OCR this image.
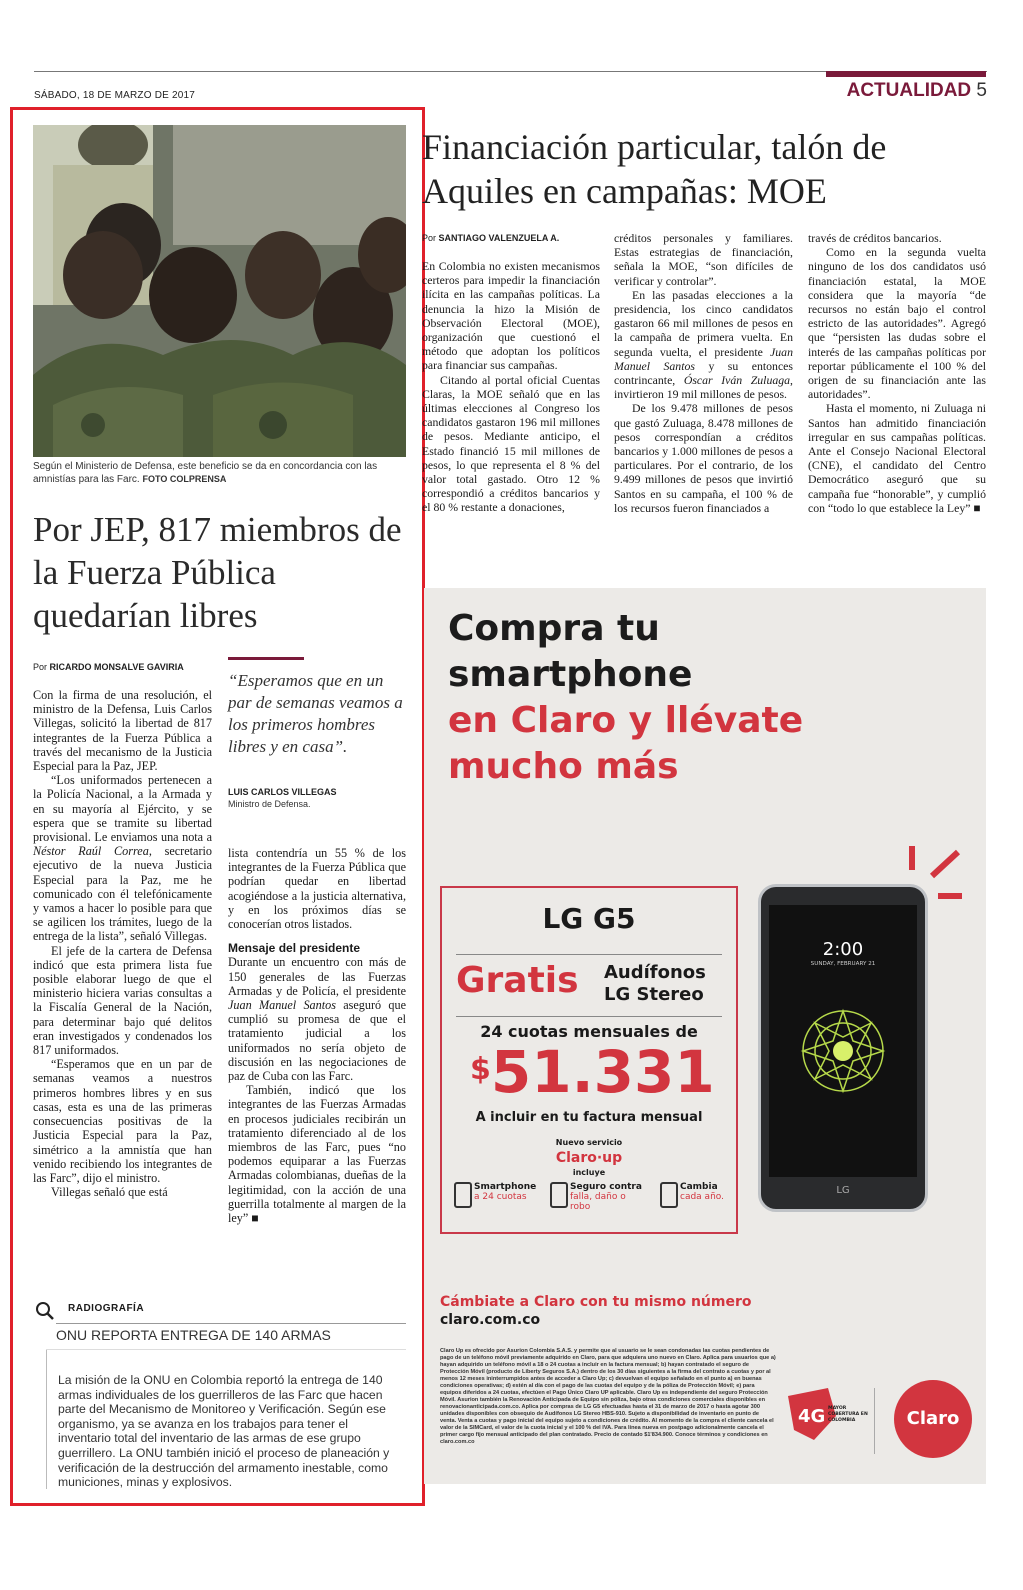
SÁBADO, 18 DE MARZO DE 2017	ACTUALIDAD 5
Según el Ministerio de Defensa, este beneficio se da en concordancia con las amnistías para las Farc. FOTO COLPRENSA
Por JEP, 817 miembros de la Fuerza Pública quedarían libres
Por RICARDO MONSALVE GAVIRIA

Con la firma de una resolución, el ministro de la Defensa, Luis Carlos Villegas, solicitó la libertad de 817 integrantes de la Fuerza Pública a través del mecanismo de la Justicia Especial para la Paz, JEP.

“Los uniformados pertenecen a la Policía Nacional, a la Armada y en su mayoría al Ejército, y se espera que se tramite su libertad provisional. Le enviamos una nota a Néstor Raúl Correa, secretario ejecutivo de la nueva Justicia Especial para la Paz, me he comunicado con él telefónicamente y vamos a hacer lo posible para que se agilicen los trámites, luego de la entrega de la lista”, señaló Villegas.

El jefe de la cartera de Defensa indicó que esta primera lista fue posible elaborar luego de que el ministerio hiciera varias consultas a la Fiscalía General de la Nación, para determinar bajo qué delitos eran investigados y condenados los 817 uniformados.

“Esperamos que en un par de semanas veamos a nuestros primeros hombres libres y en sus casas, esta es una de las primeras consecuencias positivas de la Justicia Especial para la Paz, simétrico a la amnistía que han venido recibiendo los integrantes de las Farc”, dijo el ministro.

Villegas señaló que está

“Esperamos que en un par de semanas veamos a los primeros hombres libres y en casa”.
LUIS CARLOS VILLEGAS
Ministro de Defensa.

lista contendría un 55 % de los integrantes de la Fuerza Pública que podrían quedar en libertad acogiéndose a la justicia alternativa, y en los próximos días se conocerían otros listados.

Mensaje del presidente

Durante un encuentro con más de 150 generales de las Fuerzas Armadas y de Policía, el presidente Juan Manuel Santos aseguró que cumplió su promesa de que el tratamiento judicial a los uniformados no sería objeto de discusión en las negociaciones de paz de Cuba con las Farc.

También, indicó que los integrantes de las Fuerzas Armadas en procesos judiciales recibirán un tratamiento diferenciado al de los miembros de las Farc, pues “no podemos equiparar a las Fuerzas Armadas colombianas, dueñas de la legitimidad, con la acción de una guerrilla totalmente al margen de la ley” ■

RADIOGRAFÍA
ONU REPORTA ENTREGA DE 140 ARMAS
La misión de la ONU en Colombia reportó la entrega de 140 armas individuales de los guerrilleros de las Farc que hacen parte del Mecanismo de Monitoreo y Verificación. Según ese organismo, ya se avanza en los trabajos para tener el inventario total del inventario de las armas de ese grupo guerrillero. La ONU también inició el proceso de planeación y verificación de la destrucción del armamento inestable, como municiones, minas y explosivos.
Financiación particular, talón de Aquiles en campañas: MOE
Por SANTIAGO VALENZUELA A.

En Colombia no existen mecanismos certeros para impedir la financiación ilícita en las campañas políticas. La denuncia la hizo la Misión de Observación Electoral (MOE), organización que cuestionó el método que adoptan los políticos para financiar sus campañas.

Citando al portal oficial Cuentas Claras, la MOE señaló que en las últimas elecciones al Congreso los candidatos gastaron 196 mil millones de pesos. Mediante anticipo, el Estado financió 15 mil millones de pesos, lo que representa el 8 % del valor total gastado. Otro 12 % correspondió a créditos bancarios y el 80 % restante a donaciones,

créditos personales y familiares. Estas estrategias de financiación, señala la MOE, “son difíciles de verificar y controlar”.

En las pasadas elecciones a la presidencia, los cinco candidatos gastaron 66 mil millones de pesos en la campaña de primera vuelta. En segunda vuelta, el presidente Juan Manuel Santos y su entonces contrincante, Óscar Iván Zuluaga, invirtieron 19 mil millones de pesos.

De los 9.478 millones de pesos que gastó Zuluaga, 8.478 millones de pesos correspondían a créditos bancarios y 1.000 millones de pesos a particulares. Por el contrario, de los 9.499 millones de pesos que invirtió Santos en su campaña, el 100 % de los recursos fueron financiados a

través de créditos bancarios.

Como en la segunda vuelta ninguno de los dos candidatos usó financiación estatal, la MOE considera que la mayoría “de recursos no están bajo el control estricto de las autoridades”. Agregó que “persisten las dudas sobre el interés de las campañas políticas por reportar públicamente el 100 % del origen de su financiación ante las autoridades”.

Hasta el momento, ni Zuluaga ni Santos han admitido financiación irregular en sus campañas políticas. Ante el Consejo Nacional Electoral (CNE), el candidato del Centro Democrático aseguró que su campaña fue “honorable”, y cumplió con “todo lo que establece la Ley” ■

Compra tu
smartphone
en Claro y llévate
mucho más
LG G5
Gratis Audífonos
LG Stereo
24 cuotas mensuales de
$51.331
A incluir en tu factura mensual
Nuevo servicio
Claro·up
incluye
Smartphone
a 24 cuotas
Seguro contra
falla, daño o robo
Cambia
cada año.
2:00
SUNDAY, FEBRUARY 21
LG
Cámbiate a Claro con tu mismo número
claro.com.co
Claro Up es ofrecido por Asurion Colombia S.A.S. y permite que al usuario se le sean condonadas las cuotas pendientes de pago de un teléfono móvil previamente adquirido en Claro, para que adquiera uno nuevo en Claro. Aplica para usuarios que a) hayan adquirido un teléfono móvil a 18 o 24 cuotas a incluir en la factura mensual; b) hayan contratado el seguro de Protección Móvil (producto de Liberty Seguros S.A.) dentro de los 30 días siguientes a la firma del contrato a cuotas y por al menos 12 meses ininterrumpidos antes de acceder a Claro Up; c) devuelvan el equipo señalado en el punto a) en buenas condiciones operativas; d) estén al día con el pago de las cuotas del equipo y de la póliza de Protección Móvil; e) para equipos diferidos a 24 cuotas, efectúen el Pago Único Claro UP aplicable. Claro Up es independiente del seguro Protección Móvil. Asurion también la Renovación Anticipada de Equipo sin póliza, bajo otras condiciones comerciales disponibles en renovacionanticipada.com.co. Aplica por compras de LG G5 efectuadas hasta el 31 de marzo de 2017 o hasta agotar 300 unidades disponibles con obsequio de Audífonos LG Stereo HBS-910. Sujeto a disponibilidad de inventario en punto de venta. Venta a cuotas y pago inicial del equipo sujeto a condiciones de crédito. Al momento de la compra el cliente cancela el valor de la SIMCard, el valor de la cuota inicial y el 100 % del IVA. Para línea nueva en postpago adicionalmente cancela el primer cargo fijo mensual anticipado del plan contratado. Precio de contado $1'834.900. Conoce términos y condiciones en claro.com.co
4G MAYOR COBERTURA EN COLOMBIA	Claro
